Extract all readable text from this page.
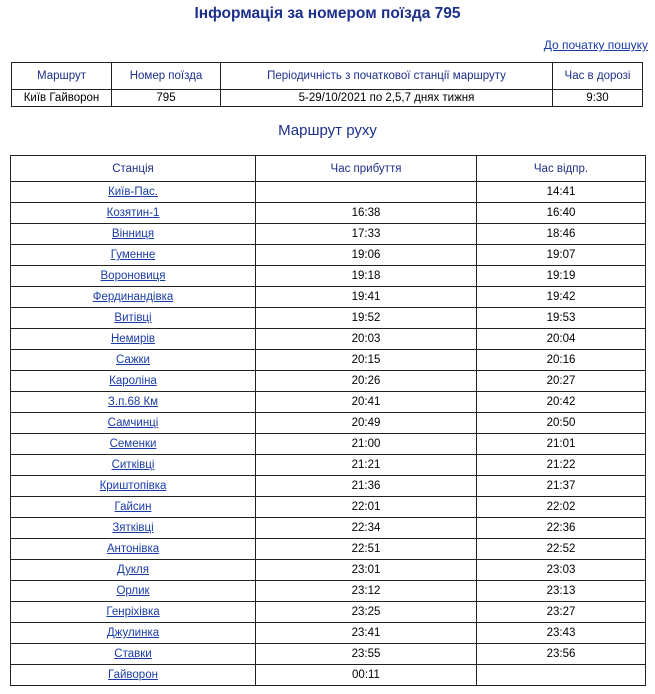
Інформація за номером поїзда 795
До початку пошуку
Маршрут	Номер поїзда	Періодичність з початкової станції маршруту	Час в дорозі
Київ Гайворон	795	5-29/10/2021 по 2,5,7 днях тижня	9:30
Маршрут руху
Станція	Час прибуття	Час відпр.
Київ-Пас.		14:41
Козятин-1	16:38	16:40
Вінниця	17:33	18:46
Гуменне	19:06	19:07
Вороновиця	19:18	19:19
Фердинандівка	19:41	19:42
Витівці	19:52	19:53
Немирів	20:03	20:04
Сажки	20:15	20:16
Кароліна	20:26	20:27
З.п.68 Км	20:41	20:42
Самчинці	20:49	20:50
Семенки	21:00	21:01
Ситківці	21:21	21:22
Криштопівка	21:36	21:37
Гайсин	22:01	22:02
Зятківці	22:34	22:36
Антонівка	22:51	22:52
Дукля	23:01	23:03
Орлик	23:12	23:13
Генріхівка	23:25	23:27
Джулинка	23:41	23:43
Ставки	23:55	23:56
Гайворон	00:11	
